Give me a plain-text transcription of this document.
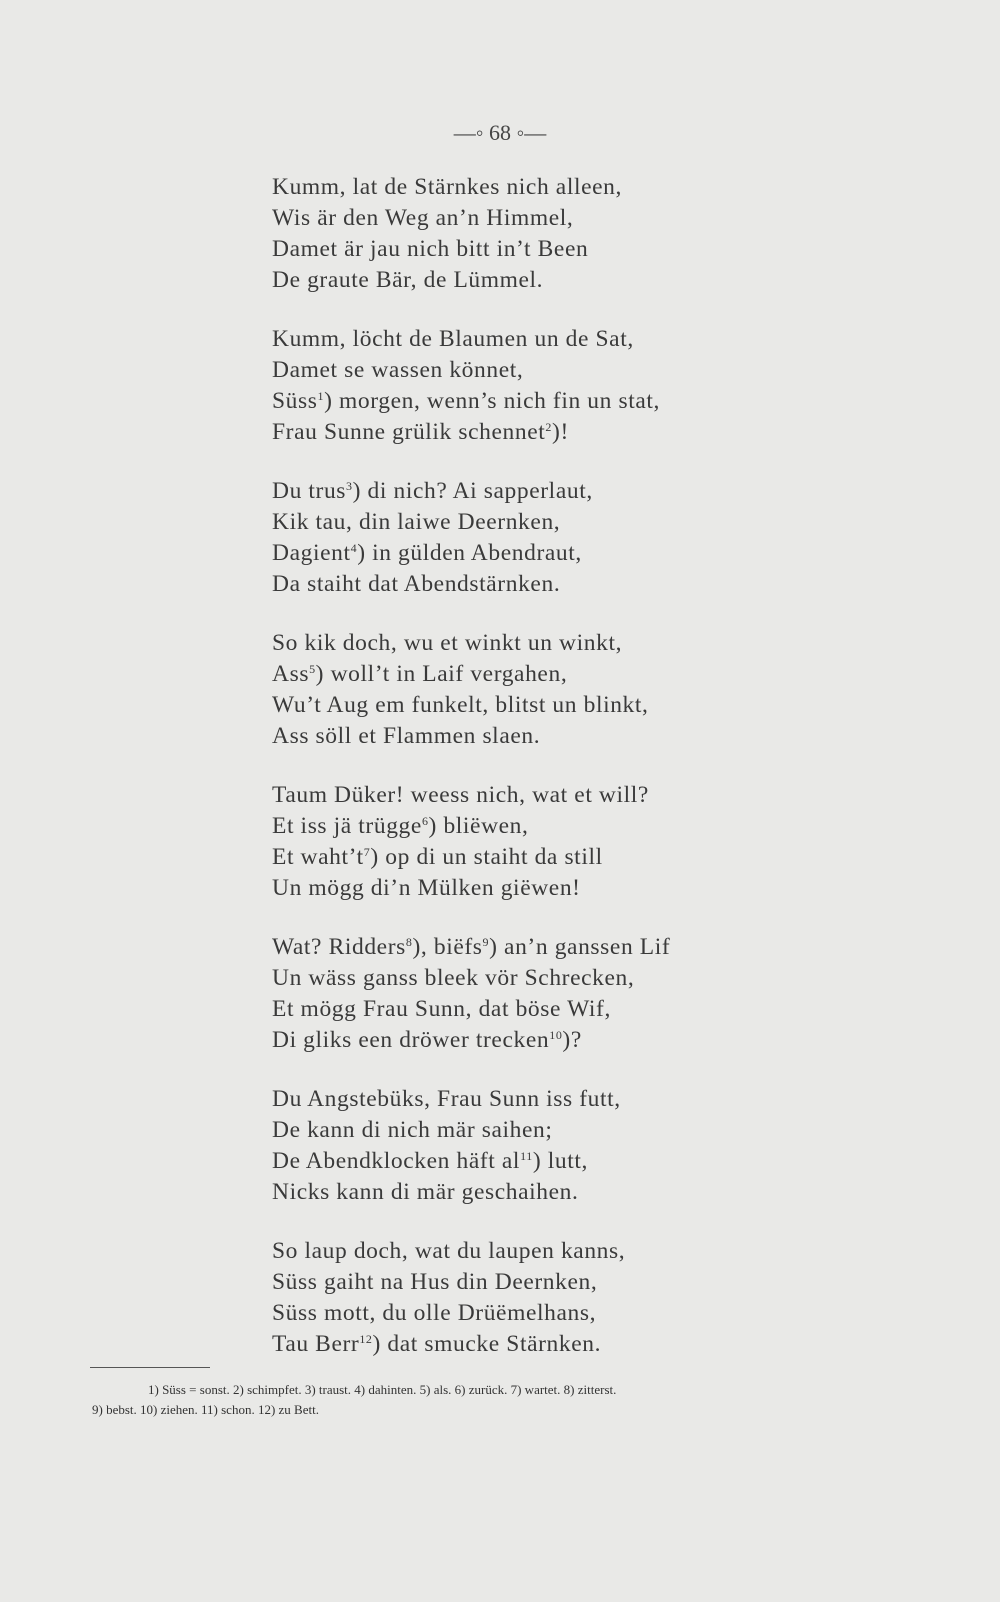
—◦ 68 ◦—
Kumm, lat de Stärnkes nich alleen,
Wis är den Weg an’n Himmel,
Damet är jau nich bitt in’t Been
De graute Bär, de Lümmel.
Kumm, löcht de Blaumen un de Sat,
Damet se wassen könnet,
Süss$^1$) morgen, wenn’s nich fin un stat,
Frau Sunne grülik schennet$^2$)!
Du trus$^3$) di nich? Ai sapperlaut,
Kik tau, din laiwe Deernken,
Dagient$^4$) in gülden Abendraut,
Da staiht dat Abendstärnken.
So kik doch, wu et winkt un winkt,
Ass$^5$) woll’t in Laif vergahen,
Wu’t Aug em funkelt, blitst un blinkt,
Ass söll et Flammen slaen.
Taum Düker! weess nich, wat et will?
Et iss jä trügge$^6$) bliëwen,
Et $waht’t^7$) op di un staiht da still
Un mögg di’n Mülken giëwen!
Wat? Ridders$^8$), biëfs$^9$) an’n ganssen Lif
Un wäss ganss bleek vör Schrecken,
Et mögg Frau Sunn, dat böse Wif,
Di gliks een dröwer trecken$^{10}$)?
Du Angstebüks, Frau Sunn iss futt,
De kann di nich mär saihen;
De Abendklocken häft $al^{11}$) lutt,
Nicks kann di mär geschaihen.
So laup doch, wat du laupen kanns,
Süss gaiht na Hus din Deernken,
Süss mott, du olle Drüëmelhans,
Tau Berr$^{12}$) dat smucke Stärnken.
1) Süss = sonst. 2) schimpfet. 3) traust. 4) dahinten. 5) als. 6) zurück. 7) wartet. 8) zitterst.
9) bebst. 10) ziehen. 11) schon. 12) zu Bett.
